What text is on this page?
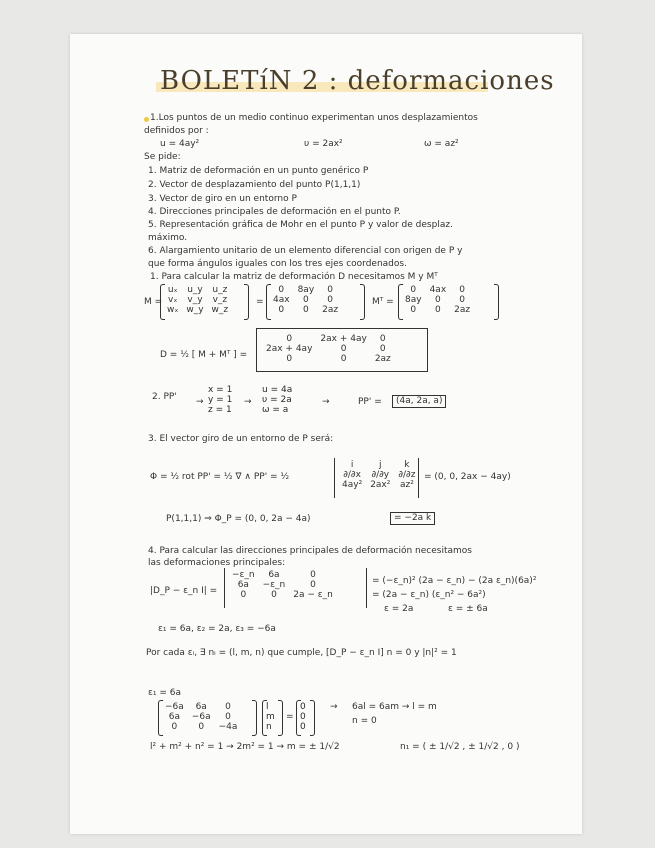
BOLETíN 2 : deformaciones
1.Los puntos de un medio continuo experimentan unos desplazamientos
definidos por :
u = 4ay²	υ = 2ax²	ω = az²
Se pide:
1. Matriz de deformación en un punto genérico P
2. Vector de desplazamiento del punto P(1,1,1)
3. Vector de giro en un entorno P
4. Direcciones principales de deformación en el punto P.
5. Representación gráfica de Mohr en el punto P y valor de desplaz.
máximo.
6. Alargamiento unitario de un elemento diferencial con origen de P y
que forma ángulos iguales con los tres ejes coordenados.
1. Para calcular la matriz de deformación D necesitamos M y Mᵀ
M =
uₓ	u_y	u_z
vₓ	v_y	v_z
wₓ	w_y	w_z
=
0	8ay	0
4ax	0	0
0	0	2az
Mᵀ =
0	4ax	0
8ay	0	0
0	0	2az
D = ½ [ M + Mᵀ ] =
0	2ax + 4ay	0
2ax + 4ay	0	0
0	0	2az
2. PP' →
x = 1
y = 1
z = 1
→
u = 4a
υ = 2a
ω = a
→	PP' =	(4a, 2a, a)
3. El vector giro de un entorno de P será:
Φ = ½ rot PP' = ½ ∇ ∧ PP' = ½
i	j	k
∂/∂x	∂/∂y	∂/∂z
4ay²	2ax²	az²
= (0, 0, 2ax − 4ay)
P(1,1,1) ⇒ Φ_P = (0, 0, 2a − 4a)	= −2a k
4. Para calcular las direcciones principales de deformación necesitamos
las deformaciones principales:
|D_P − ε_n I| =
−ε_n	6a	0
6a	−ε_n	0
0	0	2a − ε_n
= (−ε_n)² (2a − ε_n) − (2a ε_n)(6a)²
= (2a − ε_n) (ε_n² − 6a²)
ε = 2a	ε = ± 6a
ε₁ = 6a, ε₂ = 2a, ε₃ = −6a
Por cada εᵢ, ∃ nᵢ = (l, m, n) que cumple, [D_P − ε_n I] n = 0 y |n|² = 1
ε₁ = 6a
−6a	6a	0
6a	−6a	0
0	0	−4a
l
m
n
=
0
0
0
→ 6al = 6am → l = m
n = 0
l² + m² + n² = 1 → 2m² = 1 → m = ± 1/√2	n₁ = ( ± 1/√2 , ± 1/√2 , 0 )
